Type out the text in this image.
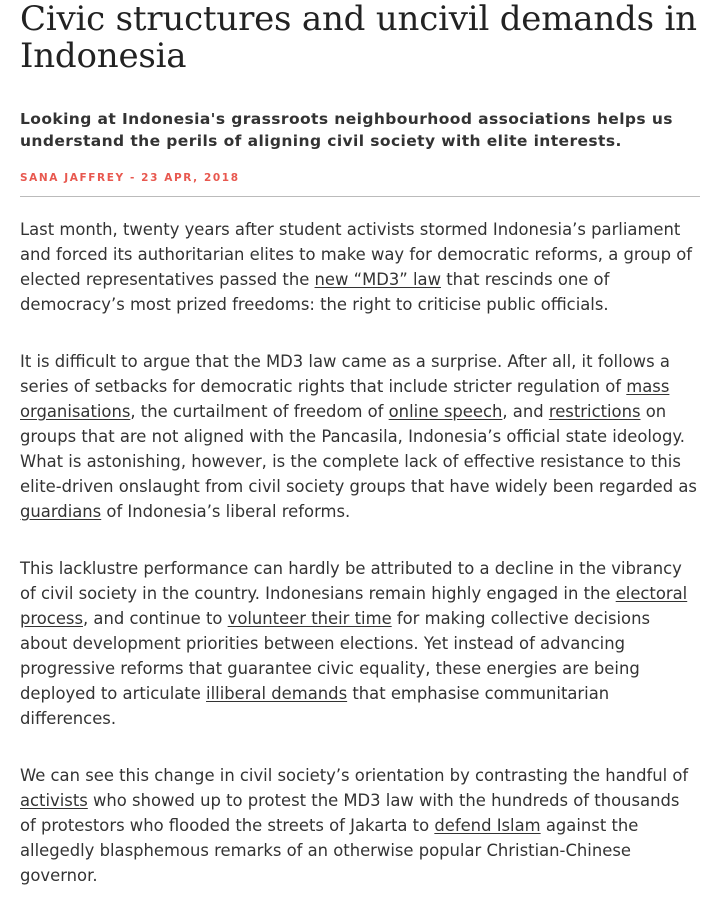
Civic structures and uncivil demands in Indonesia
Looking at Indonesia's grassroots neighbourhood associations helps us understand the perils of aligning civil society with elite interests.
SANA JAFFREY - 23 APR, 2018

Last month, twenty years after student activists stormed Indonesia’s parliament and forced its authoritarian elites to make way for democratic reforms, a group of elected representatives passed the new “MD3” law that rescinds one of democracy’s most prized freedoms: the right to criticise public officials.

It is difficult to argue that the MD3 law came as a surprise. After all, it follows a series of setbacks for democratic rights that include stricter regulation of mass organisations, the curtailment of freedom of online speech, and restrictions on groups that are not aligned with the Pancasila, Indonesia’s official state ideology. What is astonishing, however, is the complete lack of effective resistance to this elite-driven onslaught from civil society groups that have widely been regarded as guardians of Indonesia’s liberal reforms.

This lacklustre performance can hardly be attributed to a decline in the vibrancy of civil society in the country. Indonesians remain highly engaged in the electoral process, and continue to volunteer their time for making collective decisions about development priorities between elections. Yet instead of advancing progressive reforms that guarantee civic equality, these energies are being deployed to articulate illiberal demands that emphasise communitarian differences.

We can see this change in civil society’s orientation by contrasting the handful of activists who showed up to protest the MD3 law with the hundreds of thousands of protestors who flooded the streets of Jakarta to defend Islam against the allegedly blasphemous remarks of an otherwise popular Christian-Chinese governor.
